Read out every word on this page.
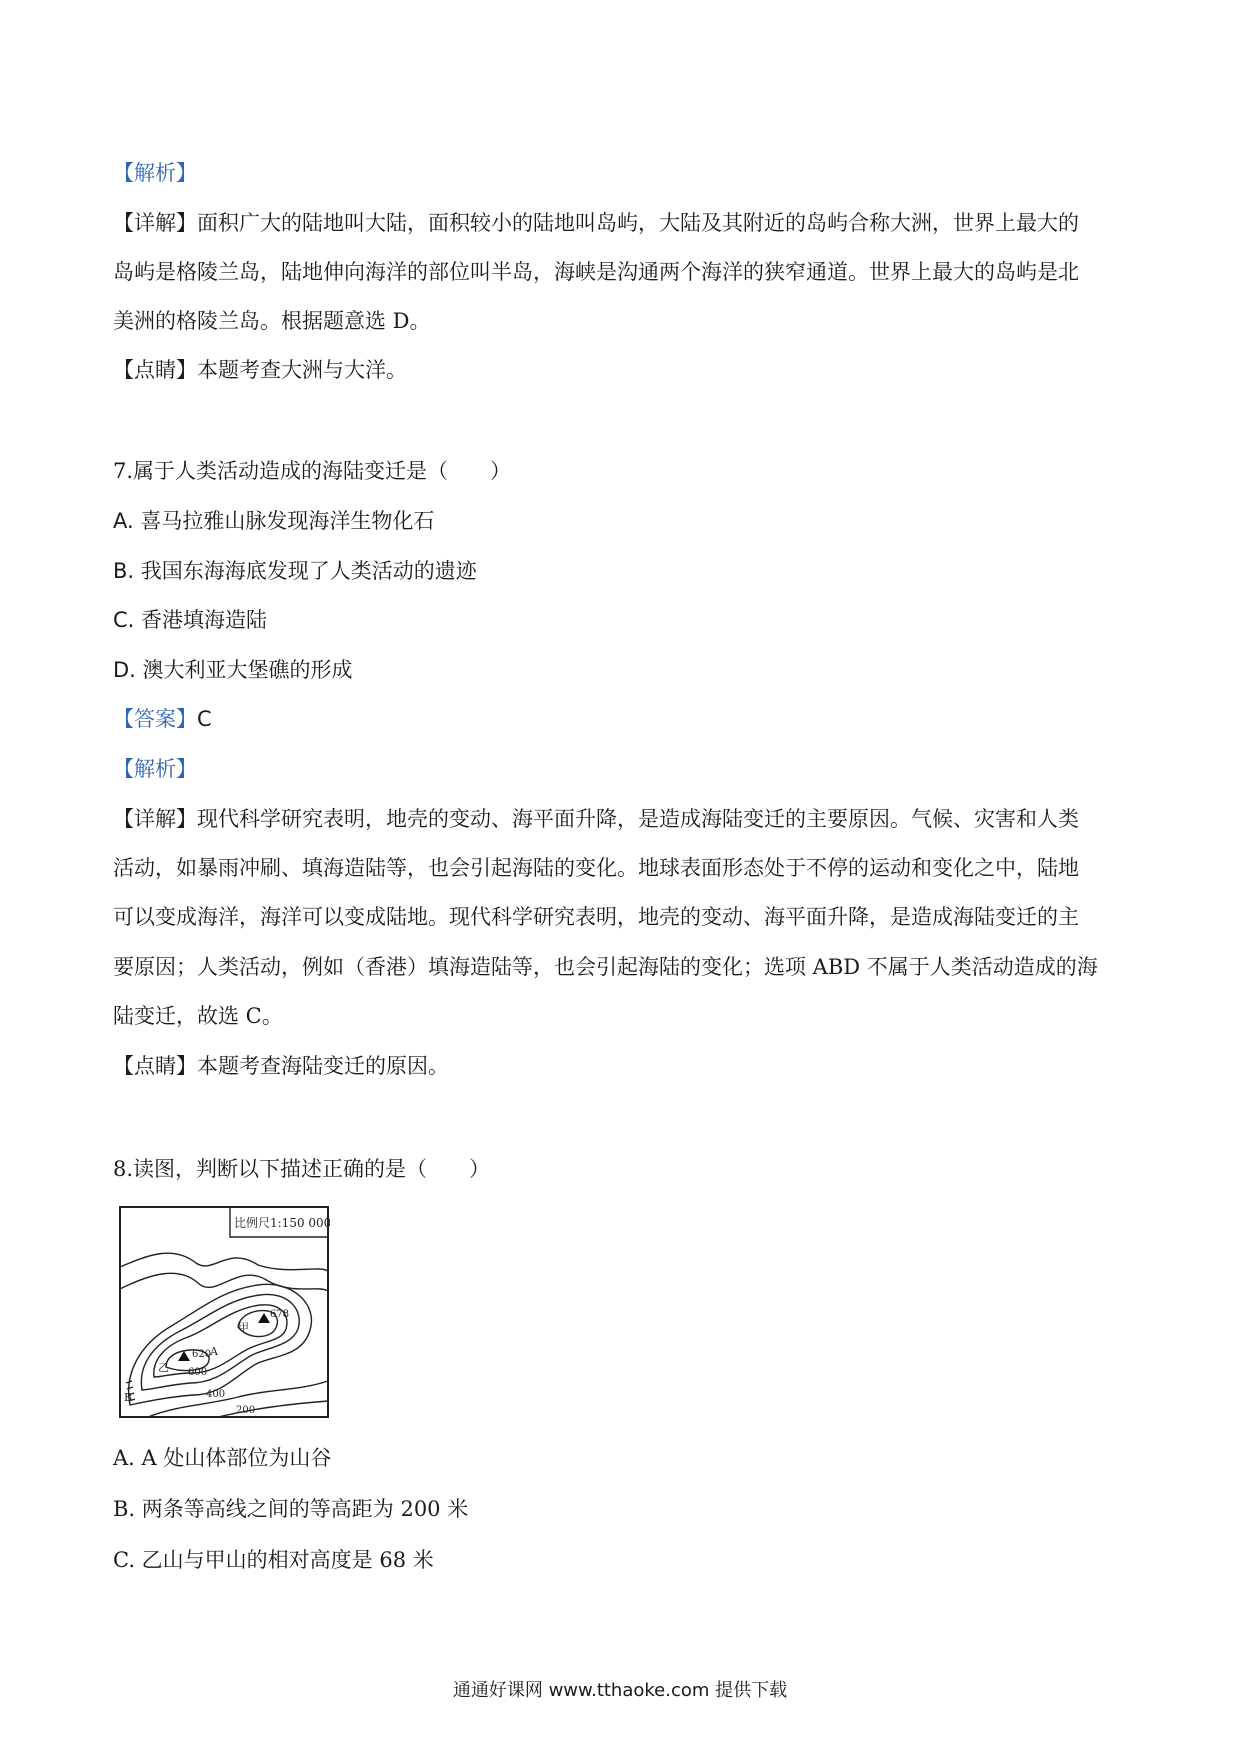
【解析】
【详解】面积广大的陆地叫大陆，面积较小的陆地叫岛屿，大陆及其附近的岛屿合称大洲，世界上最大的
岛屿是格陵兰岛，陆地伸向海洋的部位叫半岛，海峡是沟通两个海洋的狭窄通道。世界上最大的岛屿是北
美洲的格陵兰岛。根据题意选 D。
【点睛】本题考查大洲与大洋。
7.属于人类活动造成的海陆变迁是（　　）
A. 喜马拉雅山脉发现海洋生物化石
B. 我国东海海底发现了人类活动的遗迹
C. 香港填海造陆
D. 澳大利亚大堡礁的形成
【答案】C
【解析】
【详解】现代科学研究表明，地壳的变动、海平面升降，是造成海陆变迁的主要原因。气候、灾害和人类
活动，如暴雨冲刷、填海造陆等，也会引起海陆的变化。地球表面形态处于不停的运动和变化之中，陆地
可以变成海洋，海洋可以变成陆地。现代科学研究表明，地壳的变动、海平面升降，是造成海陆变迁的主
要原因；人类活动，例如（香港）填海造陆等，也会引起海陆的变化；选项 ABD 不属于人类活动造成的海
陆变迁，故选 C。
【点睛】本题考查海陆变迁的原因。
8.读图，判断以下描述正确的是（　　）
比例尺1:150 000
甲
678
620
A
乙 600
B	400
200
A. A 处山体部位为山谷
B. 两条等高线之间的等高距为 200 米
C. 乙山与甲山的相对高度是 68 米
通通好课网 www.tthaoke.com 提供下载
